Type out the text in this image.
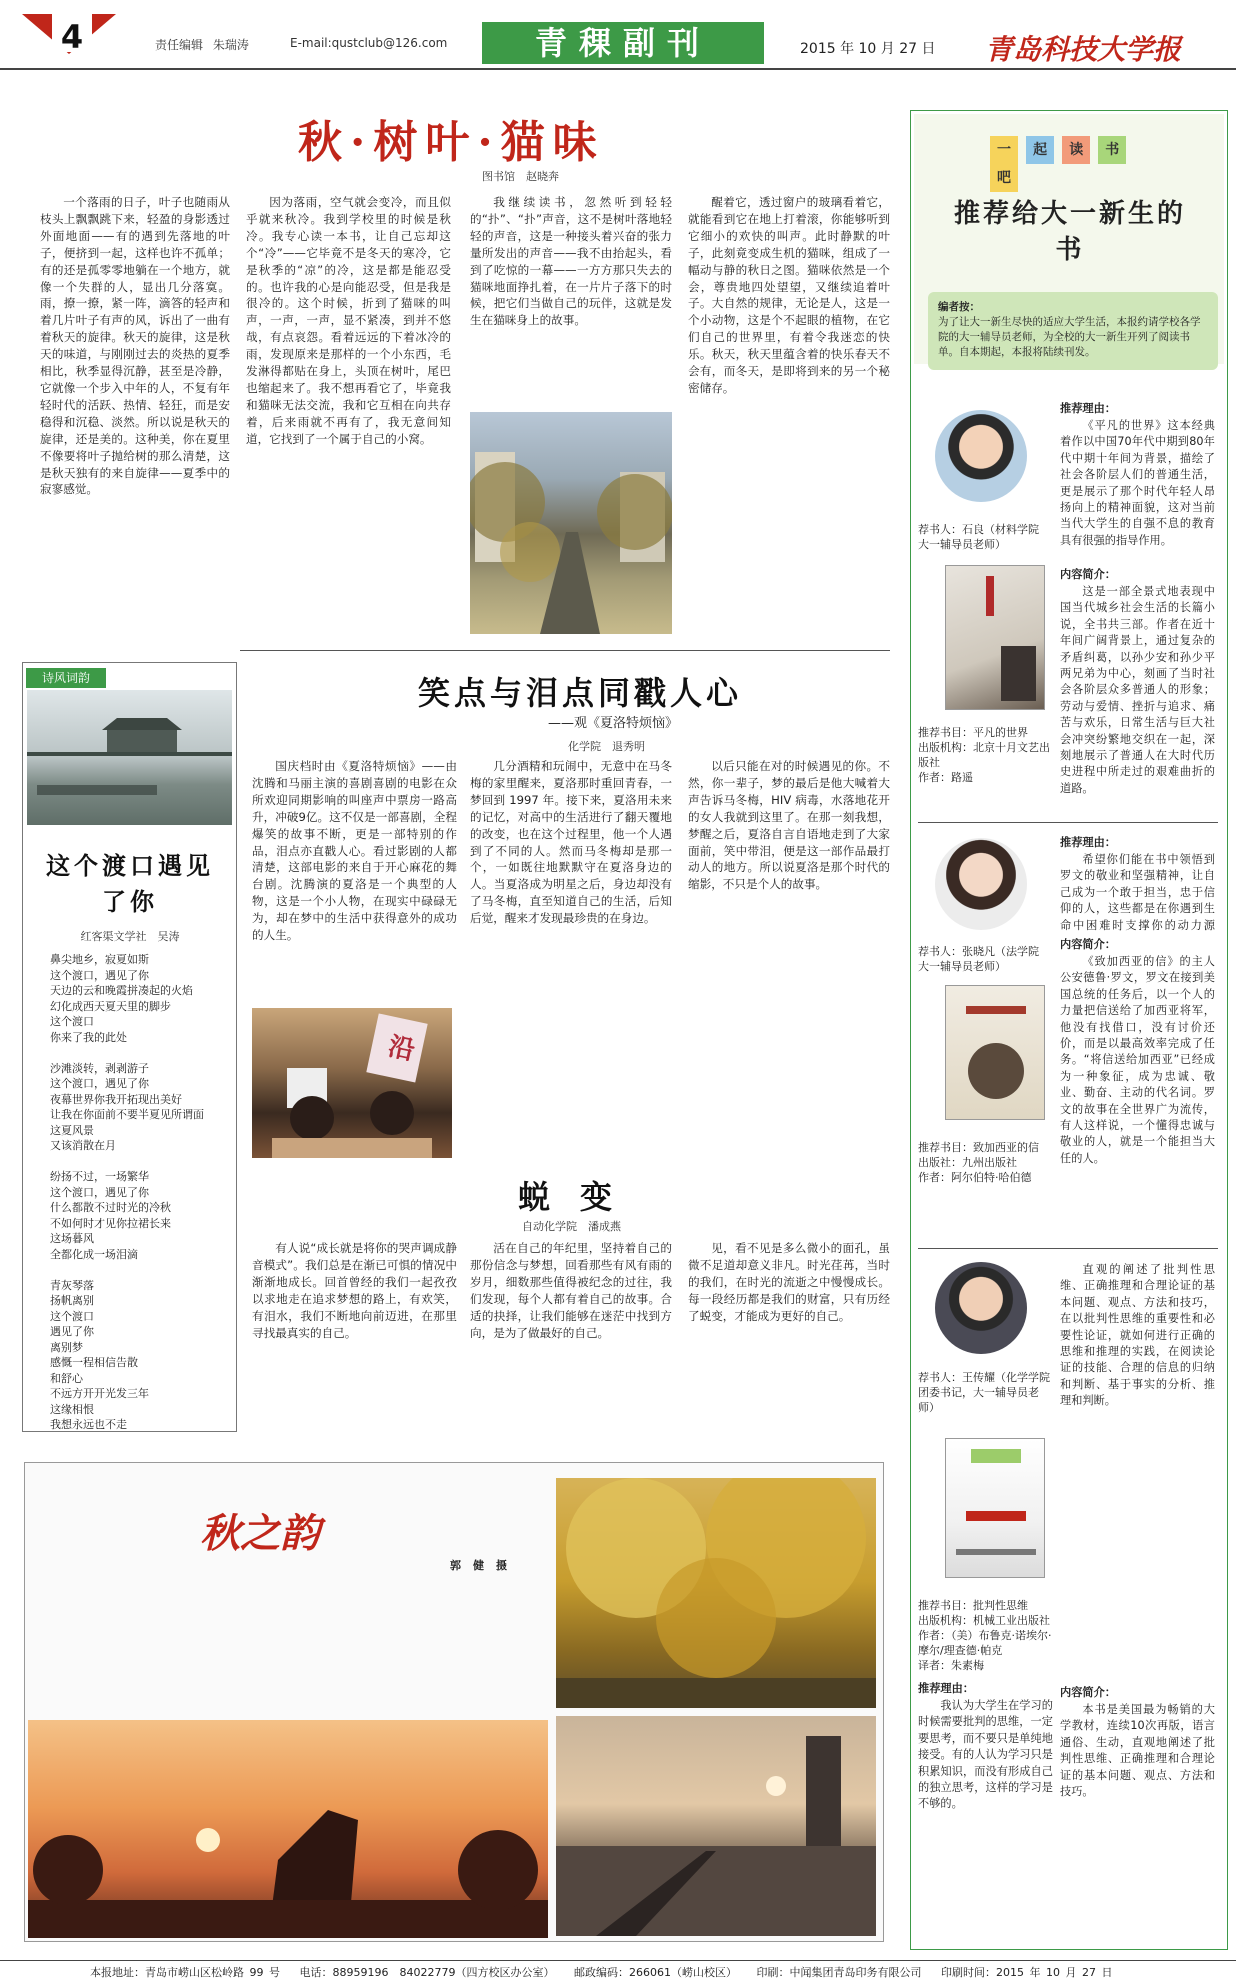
4	责任编辑 朱瑞涛	E-mail:qustclub@126.com	青稞副刊	2015 年 10 月 27 日 青岛科技大学报
秋·树叶·猫味
图书馆　赵晓奔

一个落雨的日子，叶子也随雨从枝头上飘飘跳下来，轻盈的身影透过外面地面——有的遇到先落地的叶子，便挤到一起，这样也许不孤单；有的还是孤零零地躺在一个地方，就像一个失群的人，显出几分落寞。雨，撩一撩，紧一阵，滴答的轻声和着几片叶子有声的风，诉出了一曲有着秋天的旋律。秋天的旋律，这是秋天的味道，与刚刚过去的炎热的夏季相比，秋季显得沉静，甚至是冷静，它就像一个步入中年的人，不复有年轻时代的活跃、热情、轻狂，而是安稳得和沉稳、淡然。所以说是秋天的旋律，还是美的。这种美，你在夏里不像要将叶子抛给树的那么清楚，这是秋天独有的来自旋律——夏季中的寂寥感觉。

因为落雨，空气就会变冷，而且似乎就来秋冷。我到学校里的时候是秋冷。我专心读一本书，让自己忘却这个“冷”——它毕竟不是冬天的寒冷，它是秋季的“凉”的冷，这是都是能忍受的。也许我的心是向能忍受，但是我是很冷的。这个时候，折到了猫咪的叫声，一声，一声，显不紧凑，到并不悠哉，有点哀怨。看着远远的下着冰冷的雨，发现原来是那样的一个小东西，毛发淋得都贴在身上，头顶在树叶，尾巴也缩起来了。我不想再看它了，毕竟我和猫咪无法交流，我和它互相在向共存着，后来雨就不再有了，我无意间知道，它找到了一个属于自己的小窝。

我继续读书，忽然听到轻轻的“扑”、“扑”声音，这不是树叶落地轻轻的声音，这是一种接头着兴奋的张力量所发出的声音——我不由抬起头，看到了吃惊的一幕——一方方那只失去的猫咪地面挣扎着，在一片片子落下的时候，把它们当做自己的玩伴，这就是发生在猫咪身上的故事。

醒着它，透过窗户的玻璃看着它，就能看到它在地上打着滚，你能够听到它细小的欢快的叫声。此时静默的叶子，此刻竟变成生机的猫咪，组成了一幅动与静的秋日之图。猫咪依然是一个会，尊贵地四处望望，又继续追着叶子。大自然的规律，无论是人，这是一个小动物，这是个不起眼的植物，在它们自己的世界里，有着令我迷恋的快乐。秋天，秋天里蕴含着的快乐春天不会有，而冬天，是即将到来的另一个秘密储存。

诗风词韵
这个渡口遇见了你
红客渠文学社　吴涛
鼻尖地乡，寂夏如斯
这个渡口，遇见了你
天边的云和晚霞拼凑起的火焰
幻化成西天夏天里的脚步
这个渡口
你来了我的此处
沙滩淡转，剥剥游子
这个渡口，遇见了你
夜幕世界你我开拓现出美好
让我在你面前不要半夏见所谓面
这夏风景
又该消散在月
纷扬不过，一场繁华
这个渡口，遇见了你
什么都散不过时光的冷秋
不如何时才见你拉裙长来
这场暮风
全都化成一场泪滴
青灰琴落
扬帆离别
这个渡口
遇见了你
离别梦
感慨一程相信告散
和舒心
不远方开开光发三年
这缘相恨
我想永远也不走
笑点与泪点同戳人心
——观《夏洛特烦恼》
化学院　退秀明

国庆档时由《夏洛特烦恼》——由沈腾和马丽主演的喜剧喜剧的电影在众所欢迎同期影响的叫座声中票房一路高升，冲破9亿。这不仅是一部喜剧，全程爆笑的故事不断，更是一部特别的作品，泪点亦直戳人心。看过影剧的人都清楚，这部电影的来自于开心麻花的舞台剧。沈腾演的夏洛是一个典型的人物，这是一个小人物，在现实中碌碌无为，却在梦中的生活中获得意外的成功的人生。

沿

几分酒精和玩闹中，无意中在马冬梅的家里醒来，夏洛那时重回青春，一梦回到 1997 年。接下来，夏洛用未来的记忆，对高中的生活进行了翻天覆地的改变，也在这个过程里，他一个人遇到了不同的人。然而马冬梅却是那一个，一如既往地默默守在夏洛身边的人。当夏洛成为明星之后，身边却没有了马冬梅，直至知道自己的生活，后知后觉，醒来才发现最珍贵的在身边。

以后只能在对的时候遇见的你。不然，你一辈子，梦的最后是他大喊着大声告诉马冬梅，HIV 病毒，水落地花开的女人我就到这里了。在那一刻我想，梦醒之后，夏洛自言自语地走到了大家面前，笑中带泪，便是这一部作品最打动人的地方。所以说夏洛是那个时代的缩影，不只是个人的故事。

蜕变
自动化学院　潘成燕

有人说“成长就是将你的哭声调成静音模式”。我们总是在渐已可惧的情况中渐渐地成长。回首曾经的我们一起孜孜以求地走在追求梦想的路上，有欢笑，有泪水，我们不断地向前迈进，在那里寻找最真实的自己。

活在自己的年纪里，坚持着自己的那份信念与梦想，回看那些有风有雨的岁月，细数那些值得被纪念的过往，我们发现，每个人都有着自己的故事。合适的抉择，让我们能够在迷茫中找到方向，是为了做最好的自己。

见，看不见是多么微小的面孔，虽微不足道却意义非凡。时光荏苒，当时的我们，在时光的流逝之中慢慢成长。每一段经历都是我们的财富，只有历经了蜕变，才能成为更好的自己。

秋之韵
郭健摄
一 起 读 书 吧
推荐给大一新生的书
编者按：
为了让大一新生尽快的适应大学生活，本报约请学校各学院的大一辅导员老师，为全校的大一新生开列了阅读书单。自本期起，本报将陆续刊发。
荐书人：石良（材料学院大一辅导员老师）
推荐书目：平凡的世界
出版机构：北京十月文艺出版社
作者：路遥
推荐理由：

《平凡的世界》这本经典着作以中国70年代中期到80年代中期十年间为背景，描绘了社会各阶层人们的普通生活，更是展示了那个时代年轻人昂扬向上的精神面貌，这对当前当代大学生的自强不息的教育具有很强的指导作用。

内容简介：

这是一部全景式地表现中国当代城乡社会生活的长篇小说，全书共三部。作者在近十年间广阔背景上，通过复杂的矛盾纠葛，以孙少安和孙少平两兄弟为中心，刻画了当时社会各阶层众多普通人的形象；劳动与爱情、挫折与追求、痛苦与欢乐，日常生活与巨大社会冲突纷繁地交织在一起，深刻地展示了普通人在大时代历史进程中所走过的艰难曲折的道路。

荐书人：张晓凡（法学院大一辅导员老师）
推荐书目：致加西亚的信
出版社：九州出版社
作者：阿尔伯特·哈伯德
推荐理由：

希望你们能在书中领悟到罗文的敬业和坚强精神，让自己成为一个敢于担当，忠于信仰的人，这些都是在你遇到生命中困难时支撑你的动力源

内容简介：

《致加西亚的信》的主人公安德鲁·罗文，罗文在接到美国总统的任务后，以一个人的力量把信送给了加西亚将军，他没有找借口，没有讨价还价，而是以最高效率完成了任务。“将信送给加西亚”已经成为一种象征，成为忠诚、敬业、勤奋、主动的代名词。罗文的故事在全世界广为流传，有人这样说，一个懂得忠诚与敬业的人，就是一个能担当大任的人。

荐书人：王传耀（化学学院团委书记，大一辅导员老师）
推荐书目：批判性思维
出版机构：机械工业出版社
作者：（美）布鲁克·诺埃尔·摩尔/理查德·帕克
译者：朱素梅
推荐理由：

我认为大学生在学习的时候需要批判的思维，一定要思考，而不要只是单纯地接受。有的人认为学习只是积累知识，而没有形成自己的独立思考，这样的学习是不够的。

直观的阐述了批判性思维、正确推理和合理论证的基本问题、观点、方法和技巧，在以批判性思维的重要性和必要性论证，就如何进行正确的思维和推理的实践，在阅读论证的技能、合理的信息的归纳和判断、基于事实的分析、推理和判断。

内容简介：

本书是美国最为畅销的大学教材，连续10次再版，语言通俗、生动，直观地阐述了批判性思维、正确推理和合理论证的基本问题、观点、方法和技巧。

本报地址：青岛市崂山区松岭路 99 号 电话：88959196　84022779（四方校区办公室） 邮政编码：266061（崂山校区） 印刷：中闻集团青岛印务有限公司 印刷时间：2015 年 10 月 27 日
